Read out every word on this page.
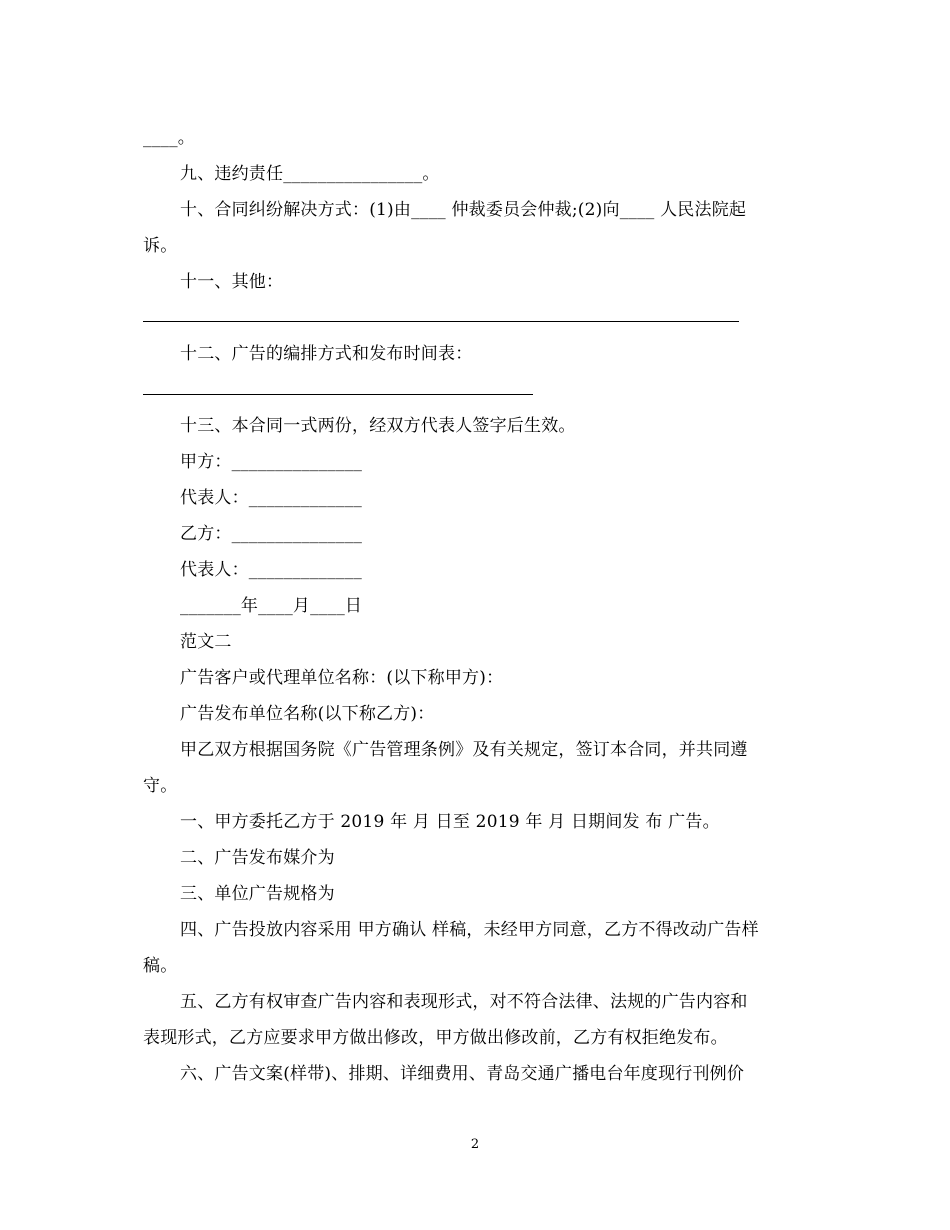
____。
九、违约责任________________。
十、合同纠纷解决方式：(1)由____ 仲裁委员会仲裁;(2)向____ 人民法院起
诉。
十一、其他：
十二、广告的编排方式和发布时间表：
十三、本合同一式两份，经双方代表人签字后生效。
甲方：_______________
代表人：_____________
乙方：_______________
代表人：_____________
_______年____月____日
范文二
广告客户或代理单位名称：(以下称甲方)：
广告发布单位名称(以下称乙方)：
甲乙双方根据国务院《广告管理条例》及有关规定，签订本合同，并共同遵
守。
一、甲方委托乙方于 2019 年 月 日至 2019 年 月 日期间发 布 广告。
二、广告发布媒介为
三、单位广告规格为
四、广告投放内容采用 甲方确认 样稿，未经甲方同意，乙方不得改动广告样
稿。
五、乙方有权审查广告内容和表现形式，对不符合法律、法规的广告内容和
表现形式，乙方应要求甲方做出修改，甲方做出修改前，乙方有权拒绝发布。
六、广告文案(样带)、排期、详细费用、青岛交通广播电台年度现行刊例价
2
